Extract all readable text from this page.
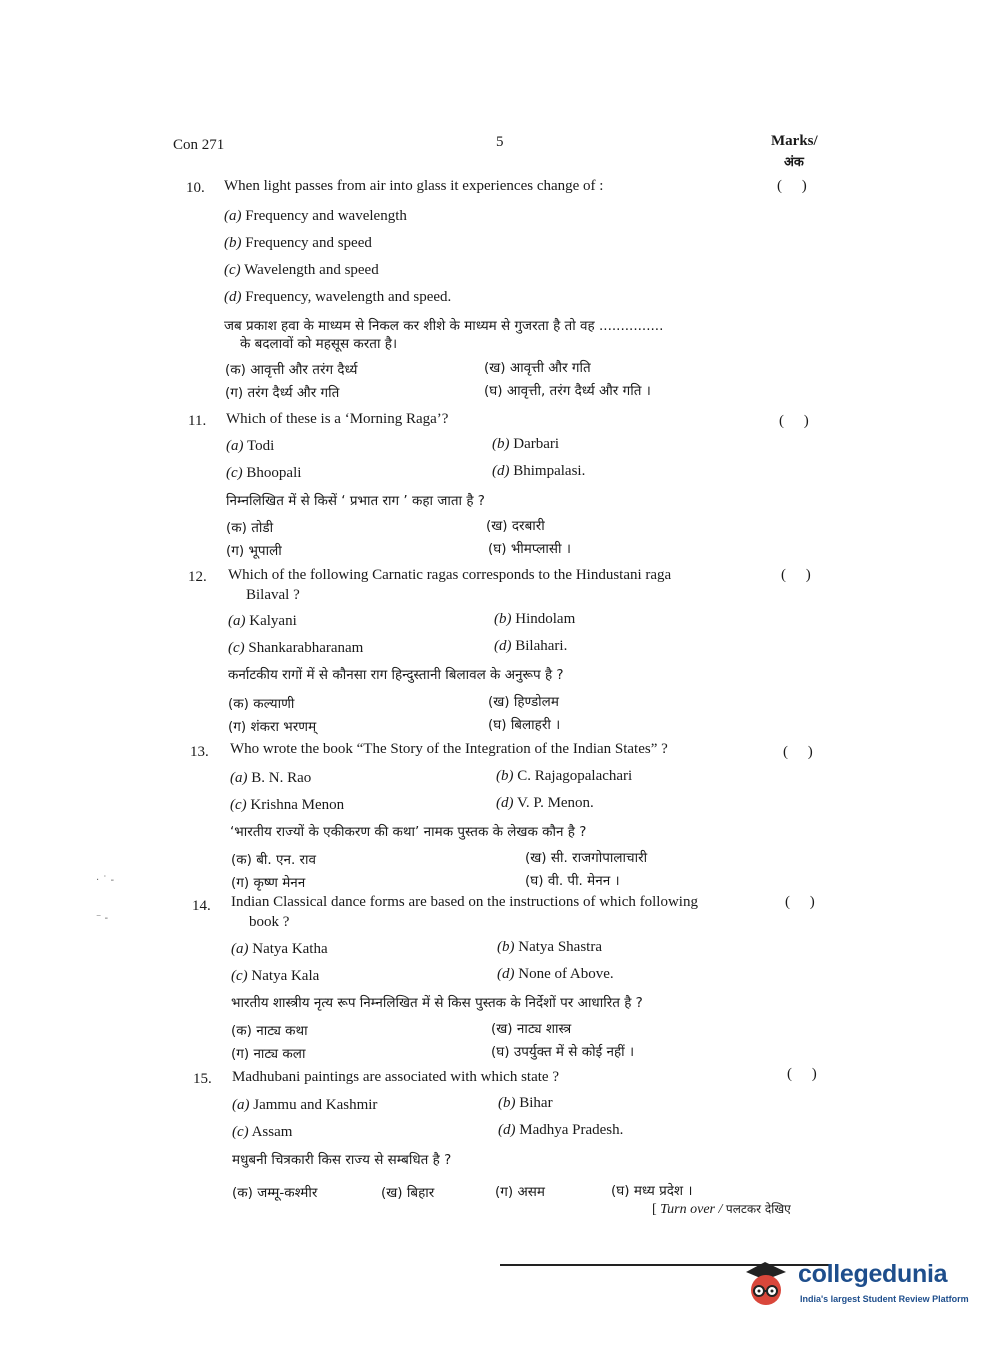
Con 271	5	Marks/
अंक
10. When light passes from air into glass it experiences change of :	( )
(a) Frequency and wavelength
(b) Frequency and speed
(c) Wavelength and speed
(d) Frequency, wavelength and speed.
जब प्रकाश हवा के माध्यम से निकल कर शीशे के माध्यम से गुजरता है तो वह ...............
के बदलावों को महसूस करता है।
(क) आवृत्ती और तरंग दैर्ध्य	(ख) आवृत्ती और गति
(ग) तरंग दैर्ध्य और गति	(घ) आवृत्ती, तरंग दैर्ध्य और गति ।
11. Which of these is a ‘Morning Raga’?	( )
(a) Todi	(b) Darbari
(c) Bhoopali	(d) Bhimpalasi.
निम्नलिखित में से किसें ‘ प्रभात राग ’ कहा जाता है ?
(क) तोडी	(ख) दरबारी
(ग) भूपाली	(घ) भीमप्लासी ।
12. Which of the following Carnatic ragas corresponds to the Hindustani raga
Bilaval ?
( )
(a) Kalyani	(b) Hindolam
(c) Shankarabharanam	(d) Bilahari.
कर्नाटकीय रागों में से कौनसा राग हिन्दुस्तानी बिलावल के अनुरूप है ?
(क) कल्याणी	(ख) हिण्डोलम
(ग) शंकरा भरणम्	(घ) बिलाहरी ।
13. Who wrote the book “The Story of the Integration of the Indian States” ?	( )
(a) B. N. Rao	(b) C. Rajagopalachari
(c) Krishna Menon	(d) V. P. Menon.
‘भारतीय राज्यों के एकीकरण की कथा’ नामक पुस्तक के लेखक कौन है ?
(क) बी. एन. राव	(ख) सी. राजगोपालाचारी
(ग) कृष्ण मेनन	(घ) वी. पी. मेनन ।
14. Indian Classical dance forms are based on the instructions of which following
book ?
( )
(a) Natya Katha	(b) Natya Shastra
(c) Natya Kala	(d) None of Above.
भारतीय शास्त्रीय नृत्य रूप निम्नलिखित में से किस पुस्तक के निर्देशों पर आधारित है ?
(क) नाट्य कथा	(ख) नाट्य शास्त्र
(ग) नाट्य कला	(घ) उपर्युक्त में से कोई नहीं ।
15. Madhubani paintings are associated with which state ?	( )
(a) Jammu and Kashmir	(b) Bihar
(c) Assam	(d) Madhya Pradesh.
मधुबनी चित्रकारी किस राज्य से सम्बधित है ?
(क) जम्मू-कश्मीर	(ख) बिहार	(ग) असम	(घ) मध्य प्रदेश ।
[ Turn over / पलटकर देखिए
· ˙ -
⁻ -
collegedunia
India's largest Student Review Platform
